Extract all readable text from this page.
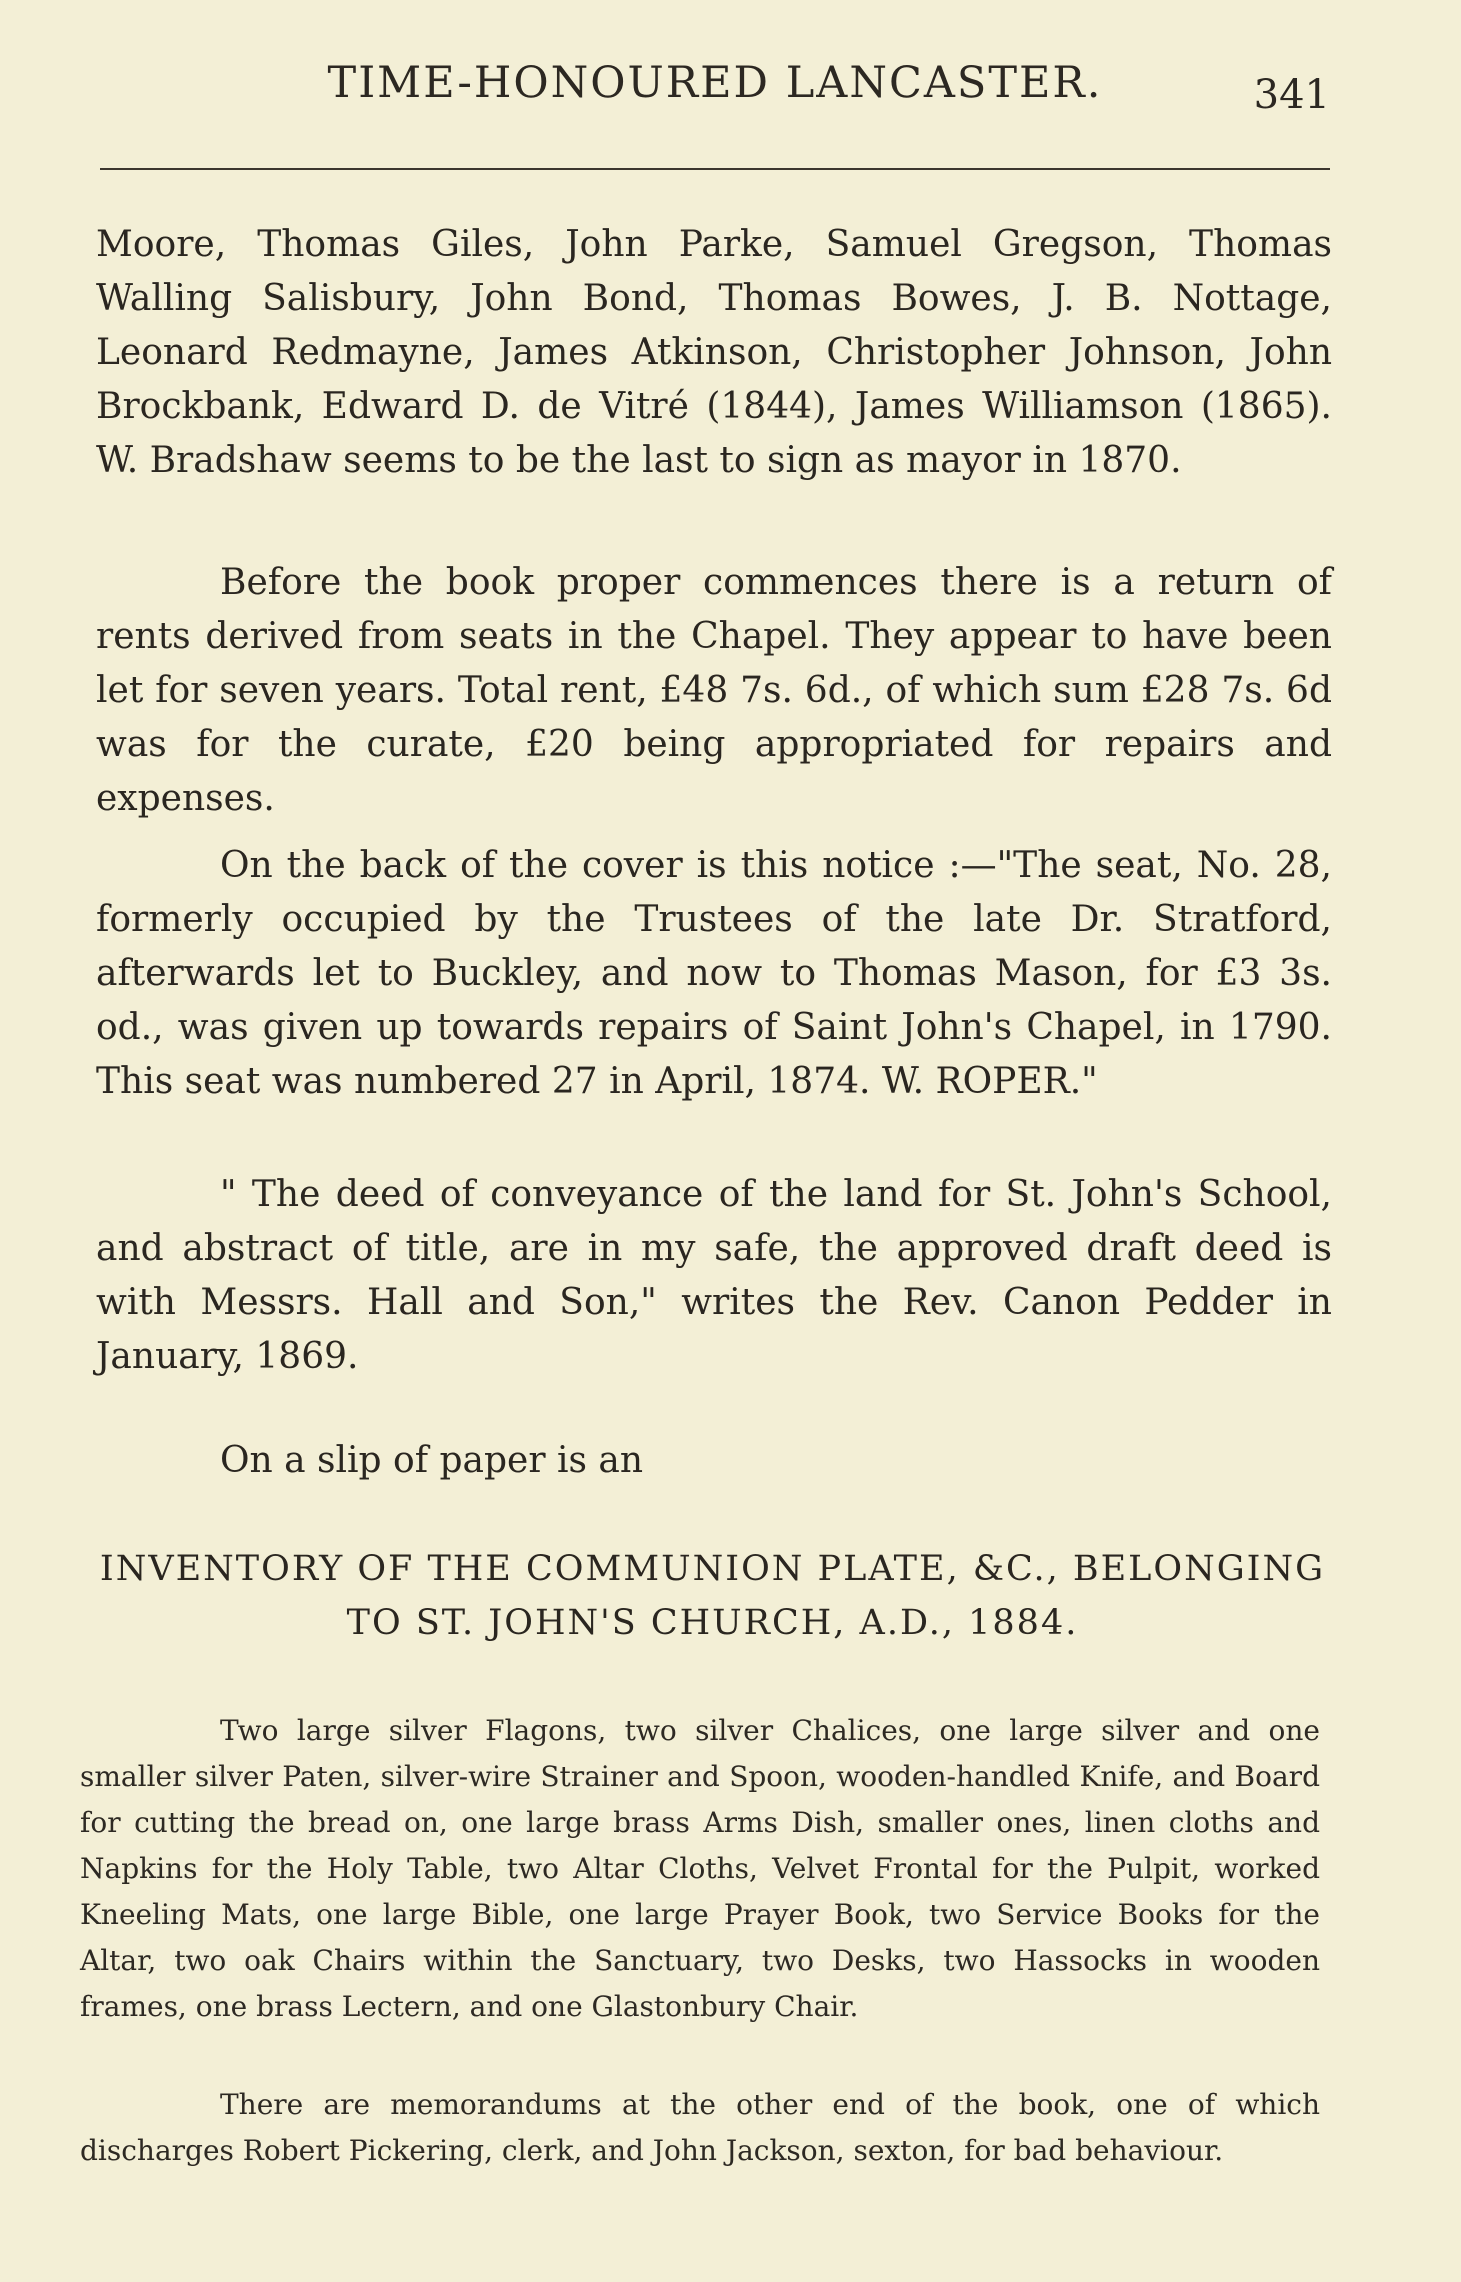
TIME-HONOURED LANCASTER.	341

Moore, Thomas Giles, John Parke, Samuel Gregson, Thomas Walling Salisbury, John Bond, Thomas Bowes, J. B. Nottage, Leonard Redmayne, James Atkinson, Christopher Johnson, John Brockbank, Edward D. de Vitré (1844), James Williamson (1865). W. Bradshaw seems to be the last to sign as mayor in 1870.

Before the book proper commences there is a return of rents derived from seats in the Chapel. They appear to have been let for seven years. Total rent, £48 7s. 6d., of which sum £28 7s. 6d was for the curate, £20 being appropriated for repairs and expenses.

On the back of the cover is this notice :—"The seat, No. 28, formerly occupied by the Trustees of the late Dr. Stratford, afterwards let to Buckley, and now to Thomas Mason, for £3 3s. od., was given up towards repairs of Saint John's Chapel, in 1790. This seat was numbered 27 in April, 1874. W. ROPER."

" The deed of conveyance of the land for St. John's School, and abstract of title, are in my safe, the approved draft deed is with Messrs. Hall and Son," writes the Rev. Canon Pedder in January, 1869.

On a slip of paper is an

INVENTORY OF THE COMMUNION PLATE, &C., BELONGING TO ST. JOHN'S CHURCH, A.D., 1884.

Two large silver Flagons, two silver Chalices, one large silver and one smaller silver Paten, silver-wire Strainer and Spoon, wooden-handled Knife, and Board for cutting the bread on, one large brass Arms Dish, smaller ones, linen cloths and Napkins for the Holy Table, two Altar Cloths, Velvet Frontal for the Pulpit, worked Kneeling Mats, one large Bible, one large Prayer Book, two Service Books for the Altar, two oak Chairs within the Sanctuary, two Desks, two Hassocks in wooden frames, one brass Lectern, and one Glastonbury Chair.

There are memorandums at the other end of the book, one of which discharges Robert Pickering, clerk, and John Jackson, sexton, for bad behaviour.
